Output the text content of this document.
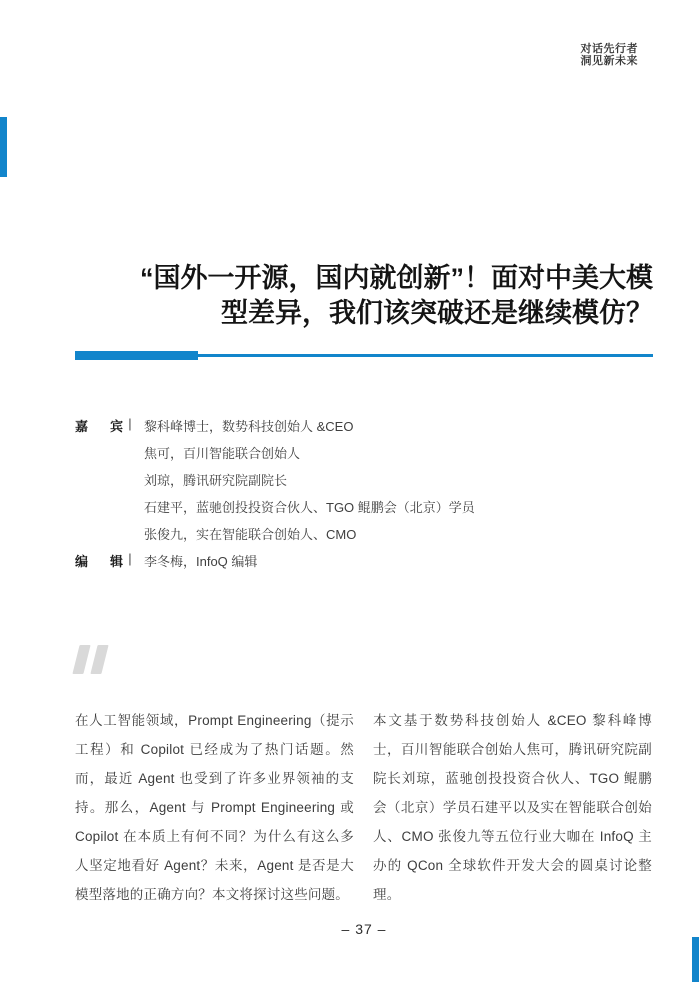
对话先行者
洞见新未来
“国外一开源，国内就创新”！面对中美大模
型差异，我们该突破还是继续模仿？
嘉宾 | 黎科峰博士，数势科技创始人 &CEO
焦可，百川智能联合创始人
刘琼，腾讯研究院副院长
石建平，蓝驰创投投资合伙人、TGO 鲲鹏会（北京）学员
张俊九，实在智能联合创始人、CMO
编辑 | 李冬梅，InfoQ 编辑

在人工智能领域，Prompt Engineering（提示工程）和 Copilot 已经成为了热门话题。然而，最近 Agent 也受到了许多业界领袖的支持。那么，Agent 与 Prompt Engineering 或 Copilot 在本质上有何不同？为什么有这么多人坚定地看好 Agent？未来，Agent 是否是大模型落地的正确方向？本文将探讨这些问题。

本文基于数势科技创始人 &CEO 黎科峰博士，百川智能联合创始人焦可，腾讯研究院副院长刘琼，蓝驰创投投资合伙人、TGO 鲲鹏会（北京）学员石建平以及实在智能联合创始人、CMO 张俊九等五位行业大咖在 InfoQ 主办的 QCon 全球软件开发大会的圆桌讨论整理。

– 37 –
